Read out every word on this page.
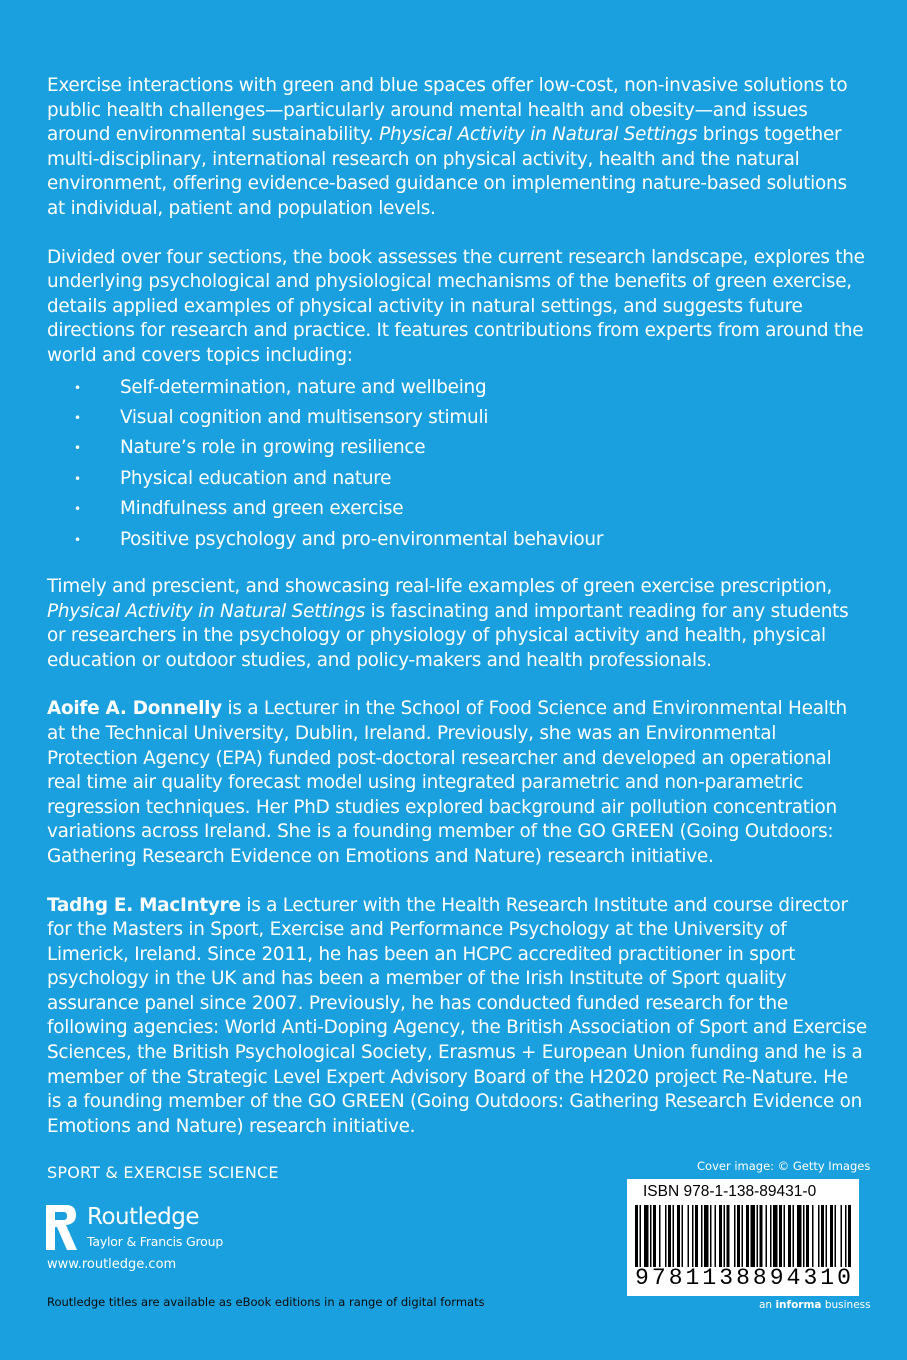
Exercise interactions with green and blue spaces offer low-cost, non-invasive solutions to public health challenges—particularly around mental health and obesity—and issues around environmental sustainability. Physical Activity in Natural Settings brings together multi-disciplinary, international research on physical activity, health and the natural environment, offering evidence-based guidance on implementing nature-based solutions at individual, patient and population levels.

Divided over four sections, the book assesses the current research landscape, explores the underlying psychological and physiological mechanisms of the benefits of green exercise, details applied examples of physical activity in natural settings, and suggests future directions for research and practice. It features contributions from experts from around the world and covers topics including:

• Self-determination, nature and wellbeing
• Visual cognition and multisensory stimuli
• Nature’s role in growing resilience
• Physical education and nature
• Mindfulness and green exercise
• Positive psychology and pro-environmental behaviour

Timely and prescient, and showcasing real-life examples of green exercise prescription, Physical Activity in Natural Settings is fascinating and important reading for any students or researchers in the psychology or physiology of physical activity and health, physical education or outdoor studies, and policy-makers and health professionals.

Aoife A. Donnelly is a Lecturer in the School of Food Science and Environmental Health at the Technical University, Dublin, Ireland. Previously, she was an Environmental Protection Agency (EPA) funded post-doctoral researcher and developed an operational real time air quality forecast model using integrated parametric and non-parametric regression techniques. Her PhD studies explored background air pollution concentration variations across Ireland. She is a founding member of the GO GREEN (Going Outdoors: Gathering Research Evidence on Emotions and Nature) research initiative.

Tadhg E. MacIntyre is a Lecturer with the Health Research Institute and course director for the Masters in Sport, Exercise and Performance Psychology at the University of Limerick, Ireland. Since 2011, he has been an HCPC accredited practitioner in sport psychology in the UK and has been a member of the Irish Institute of Sport quality assurance panel since 2007. Previously, he has conducted funded research for the following agencies: World Anti-Doping Agency, the British Association of Sport and Exercise Sciences, the British Psychological Society, Erasmus + European Union funding and he is a member of the Strategic Level Expert Advisory Board of the H2020 project Re-Nature. He is a founding member of the GO GREEN (Going Outdoors: Gathering Research Evidence on Emotions and Nature) research initiative.

SPORT & EXERCISE SCIENCE
Routledge
Taylor & Francis Group
www.routledge.com
Routledge titles are available as eBook editions in a range of digital formats
Cover image: © Getty Images
ISBN 978-1-138-89431-0
9 7 8 1 1 3 8 8 9 4 3 1 0
an informa business
